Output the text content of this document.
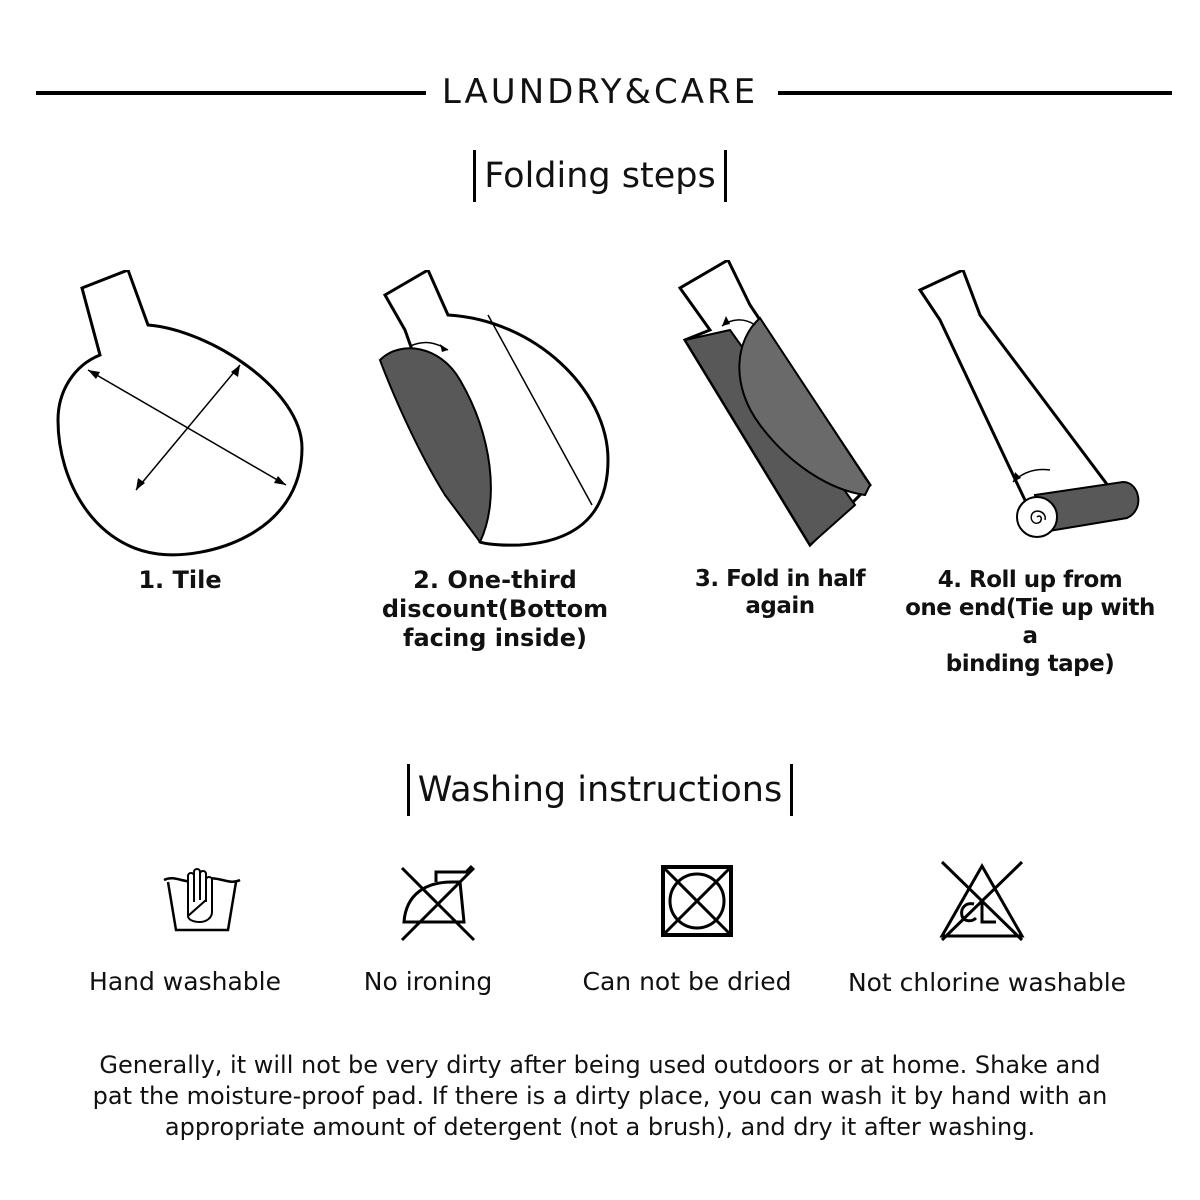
LAUNDRY&CARE
Folding steps
1. Tile	2. One-third
discount(Bottom
facing inside)
3. Fold in half
again
4. Roll up from
one end(Tie up with a
binding tape)
Washing instructions
Hand washable	No ironing	Can not be dried	Not chlorine washable
Generally, it will not be very dirty after being used outdoors or at home. Shake and
pat the moisture-proof pad. If there is a dirty place, you can wash it by hand with an
appropriate amount of detergent (not a brush), and dry it after washing.
